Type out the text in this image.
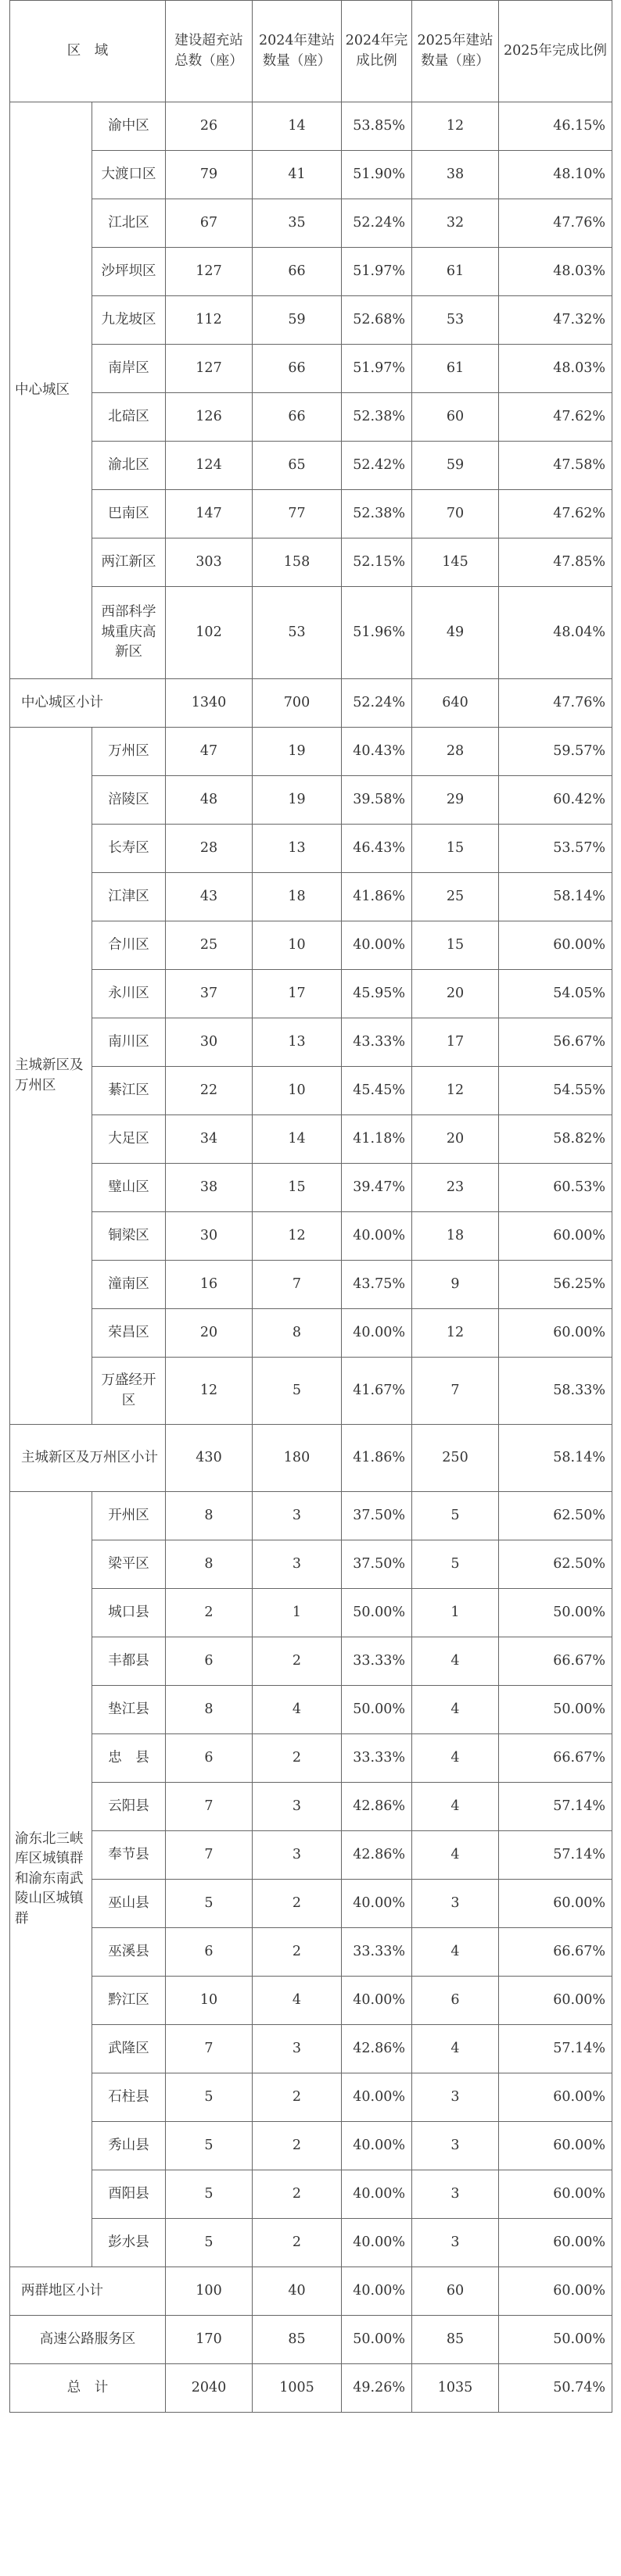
区　域		建设超充站总数（座）	2024年建站数量（座）	2024年完成比例	2025年建站数量（座）	2025年完成比例
中心城区	渝中区	26	14	53.85%	12	46.15%
	大渡口区	79	41	51.90%	38	48.10%
	江北区	67	35	52.24%	32	47.76%
	沙坪坝区	127	66	51.97%	61	48.03%
	九龙坡区	112	59	52.68%	53	47.32%
	南岸区	127	66	51.97%	61	48.03%
	北碚区	126	66	52.38%	60	47.62%
	渝北区	124	65	52.42%	59	47.58%
	巴南区	147	77	52.38%	70	47.62%
	两江新区	303	158	52.15%	145	47.85%
	西部科学城重庆高新区	102	53	51.96%	49	48.04%
中心城区小计		1340	700	52.24%	640	47.76%
主城新区及万州区	万州区	47	19	40.43%	28	59.57%
	涪陵区	48	19	39.58%	29	60.42%
	长寿区	28	13	46.43%	15	53.57%
	江津区	43	18	41.86%	25	58.14%
	合川区	25	10	40.00%	15	60.00%
	永川区	37	17	45.95%	20	54.05%
	南川区	30	13	43.33%	17	56.67%
	綦江区	22	10	45.45%	12	54.55%
	大足区	34	14	41.18%	20	58.82%
	璧山区	38	15	39.47%	23	60.53%
	铜梁区	30	12	40.00%	18	60.00%
	潼南区	16	7	43.75%	9	56.25%
	荣昌区	20	8	40.00%	12	60.00%
	万盛经开区	12	5	41.67%	7	58.33%
主城新区及万州区小计		430	180	41.86%	250	58.14%
渝东北三峡库区城镇群和渝东南武陵山区城镇群	开州区	8	3	37.50%	5	62.50%
	梁平区	8	3	37.50%	5	62.50%
	城口县	2	1	50.00%	1	50.00%
	丰都县	6	2	33.33%	4	66.67%
	垫江县	8	4	50.00%	4	50.00%
	忠　县	6	2	33.33%	4	66.67%
	云阳县	7	3	42.86%	4	57.14%
	奉节县	7	3	42.86%	4	57.14%
	巫山县	5	2	40.00%	3	60.00%
	巫溪县	6	2	33.33%	4	66.67%
	黔江区	10	4	40.00%	6	60.00%
	武隆区	7	3	42.86%	4	57.14%
	石柱县	5	2	40.00%	3	60.00%
	秀山县	5	2	40.00%	3	60.00%
	酉阳县	5	2	40.00%	3	60.00%
	彭水县	5	2	40.00%	3	60.00%
两群地区小计		100	40	40.00%	60	60.00%
高速公路服务区		170	85	50.00%	85	50.00%
总　计		2040	1005	49.26%	1035	50.74%
